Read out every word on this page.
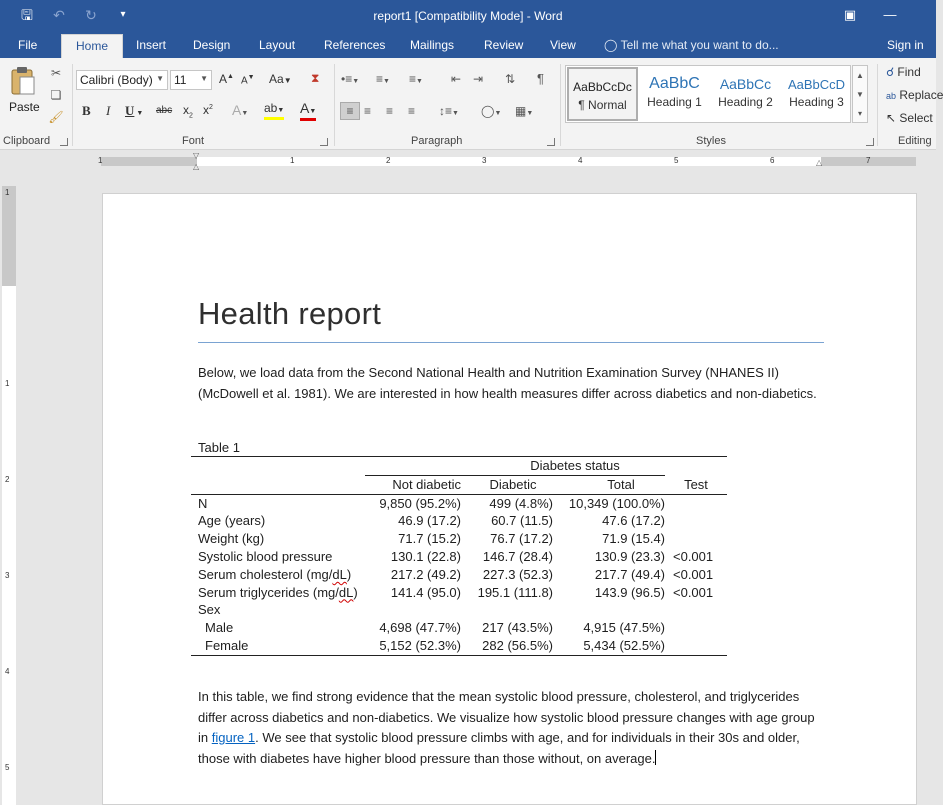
🖫 ↶ ↻	▾	report1 [Compatibility Mode] - Word	▣	—
File	Home	Insert Design Layout References Mailings Review View ◯ Tell me what you want to do...	Sign in
Paste
✂
❏
🖌
Clipboard
Calibri (Body) ▼ 11 ▼ A▲ A▼ Aa▼ ⧗
B I U ▼ abc $x_2$ $x^2$ A▼ ab▼ A▼
Font
•≡▼ ≡▼ ≡▼ ⇤ ⇥ ⇅ ¶
≡ ≡ ≡ ≡ ↕≡▼ ◯▼ ▦▼
Paragraph
AaBbCcDc
¶ Normal
AaBbC
Heading 1
AaBbCc
Heading 2
AaBbCcD
Heading 3
▲
▼
▾
Styles
☌ Find
ab Replace
↖ Select
Editing
1	1	2	3	4	5	6	7
▽
△	△
1
1
2
3
4
5
Health report
Below, we load data from the Second National Health and Nutrition Examination Survey (NHANES II) (McDowell et al. 1981). We are interested in how health measures differ across diabetics and non-diabetics.
Table 1
	Diabetes status			
	Not diabetic	Diabetic	Total	Test
N	9,850 (95.2%)	499 (4.8%)	10,349 (100.0%)	
Age (years)	46.9 (17.2)	60.7 (11.5)	47.6 (17.2)	
Weight (kg)	71.7 (15.2)	76.7 (17.2)	71.9 (15.4)	
Systolic blood pressure	130.1 (22.8)	146.7 (28.4)	130.9 (23.3)	<0.001
Serum cholesterol (mg/dL)	217.2 (49.2)	227.3 (52.3)	217.7 (49.4)	<0.001
Serum triglycerides (mg/dL)	141.4 (95.0)	195.1 (111.8)	143.9 (96.5)	<0.001
Sex				
Male	4,698 (47.7%)	217 (43.5%)	4,915 (47.5%)	
Female	5,152 (52.3%)	282 (56.5%)	5,434 (52.5%)	
In this table, we find strong evidence that the mean systolic blood pressure, cholesterol, and triglycerides differ across diabetics and non-diabetics. We visualize how systolic blood pressure changes with age group in figure 1. We see that systolic blood pressure climbs with age, and for individuals in their 30s and older, those with diabetes have higher blood pressure than those without, on average.
